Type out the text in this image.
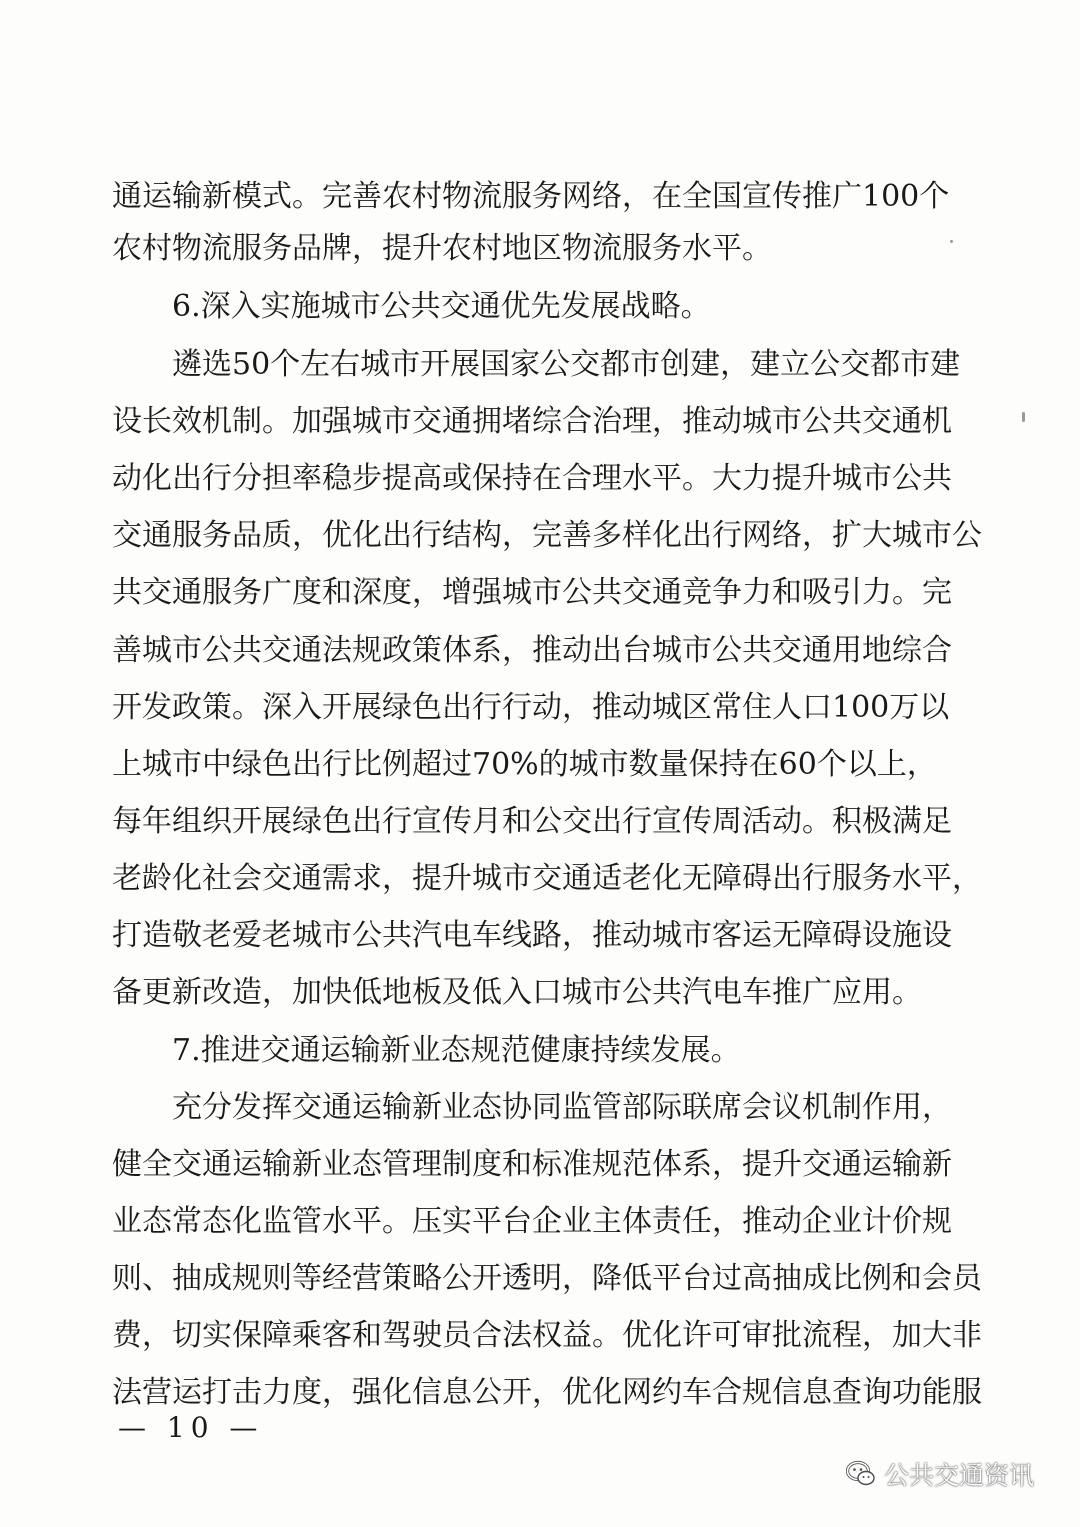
通运输新模式。完善农村物流服务网络，在全国宣传推广100个
农村物流服务品牌，提升农村地区物流服务水平。
6.深入实施城市公共交通优先发展战略。
遴选50个左右城市开展国家公交都市创建，建立公交都市建
设长效机制。加强城市交通拥堵综合治理，推动城市公共交通机
动化出行分担率稳步提高或保持在合理水平。大力提升城市公共
交通服务品质，优化出行结构，完善多样化出行网络，扩大城市公
共交通服务广度和深度，增强城市公共交通竞争力和吸引力。完
善城市公共交通法规政策体系，推动出台城市公共交通用地综合
开发政策。深入开展绿色出行行动，推动城区常住人口100万以
上城市中绿色出行比例超过70%的城市数量保持在60个以上，
每年组织开展绿色出行宣传月和公交出行宣传周活动。积极满足
老龄化社会交通需求，提升城市交通适老化无障碍出行服务水平，
打造敬老爱老城市公共汽电车线路，推动城市客运无障碍设施设
备更新改造，加快低地板及低入口城市公共汽电车推广应用。
7.推进交通运输新业态规范健康持续发展。
充分发挥交通运输新业态协同监管部际联席会议机制作用，
健全交通运输新业态管理制度和标准规范体系，提升交通运输新
业态常态化监管水平。压实平台企业主体责任，推动企业计价规
则、抽成规则等经营策略公开透明，降低平台过高抽成比例和会员
费，切实保障乘客和驾驶员合法权益。优化许可审批流程，加大非
法营运打击力度，强化信息公开，优化网约车合规信息查询功能服
— 10 —
公共交通资讯
